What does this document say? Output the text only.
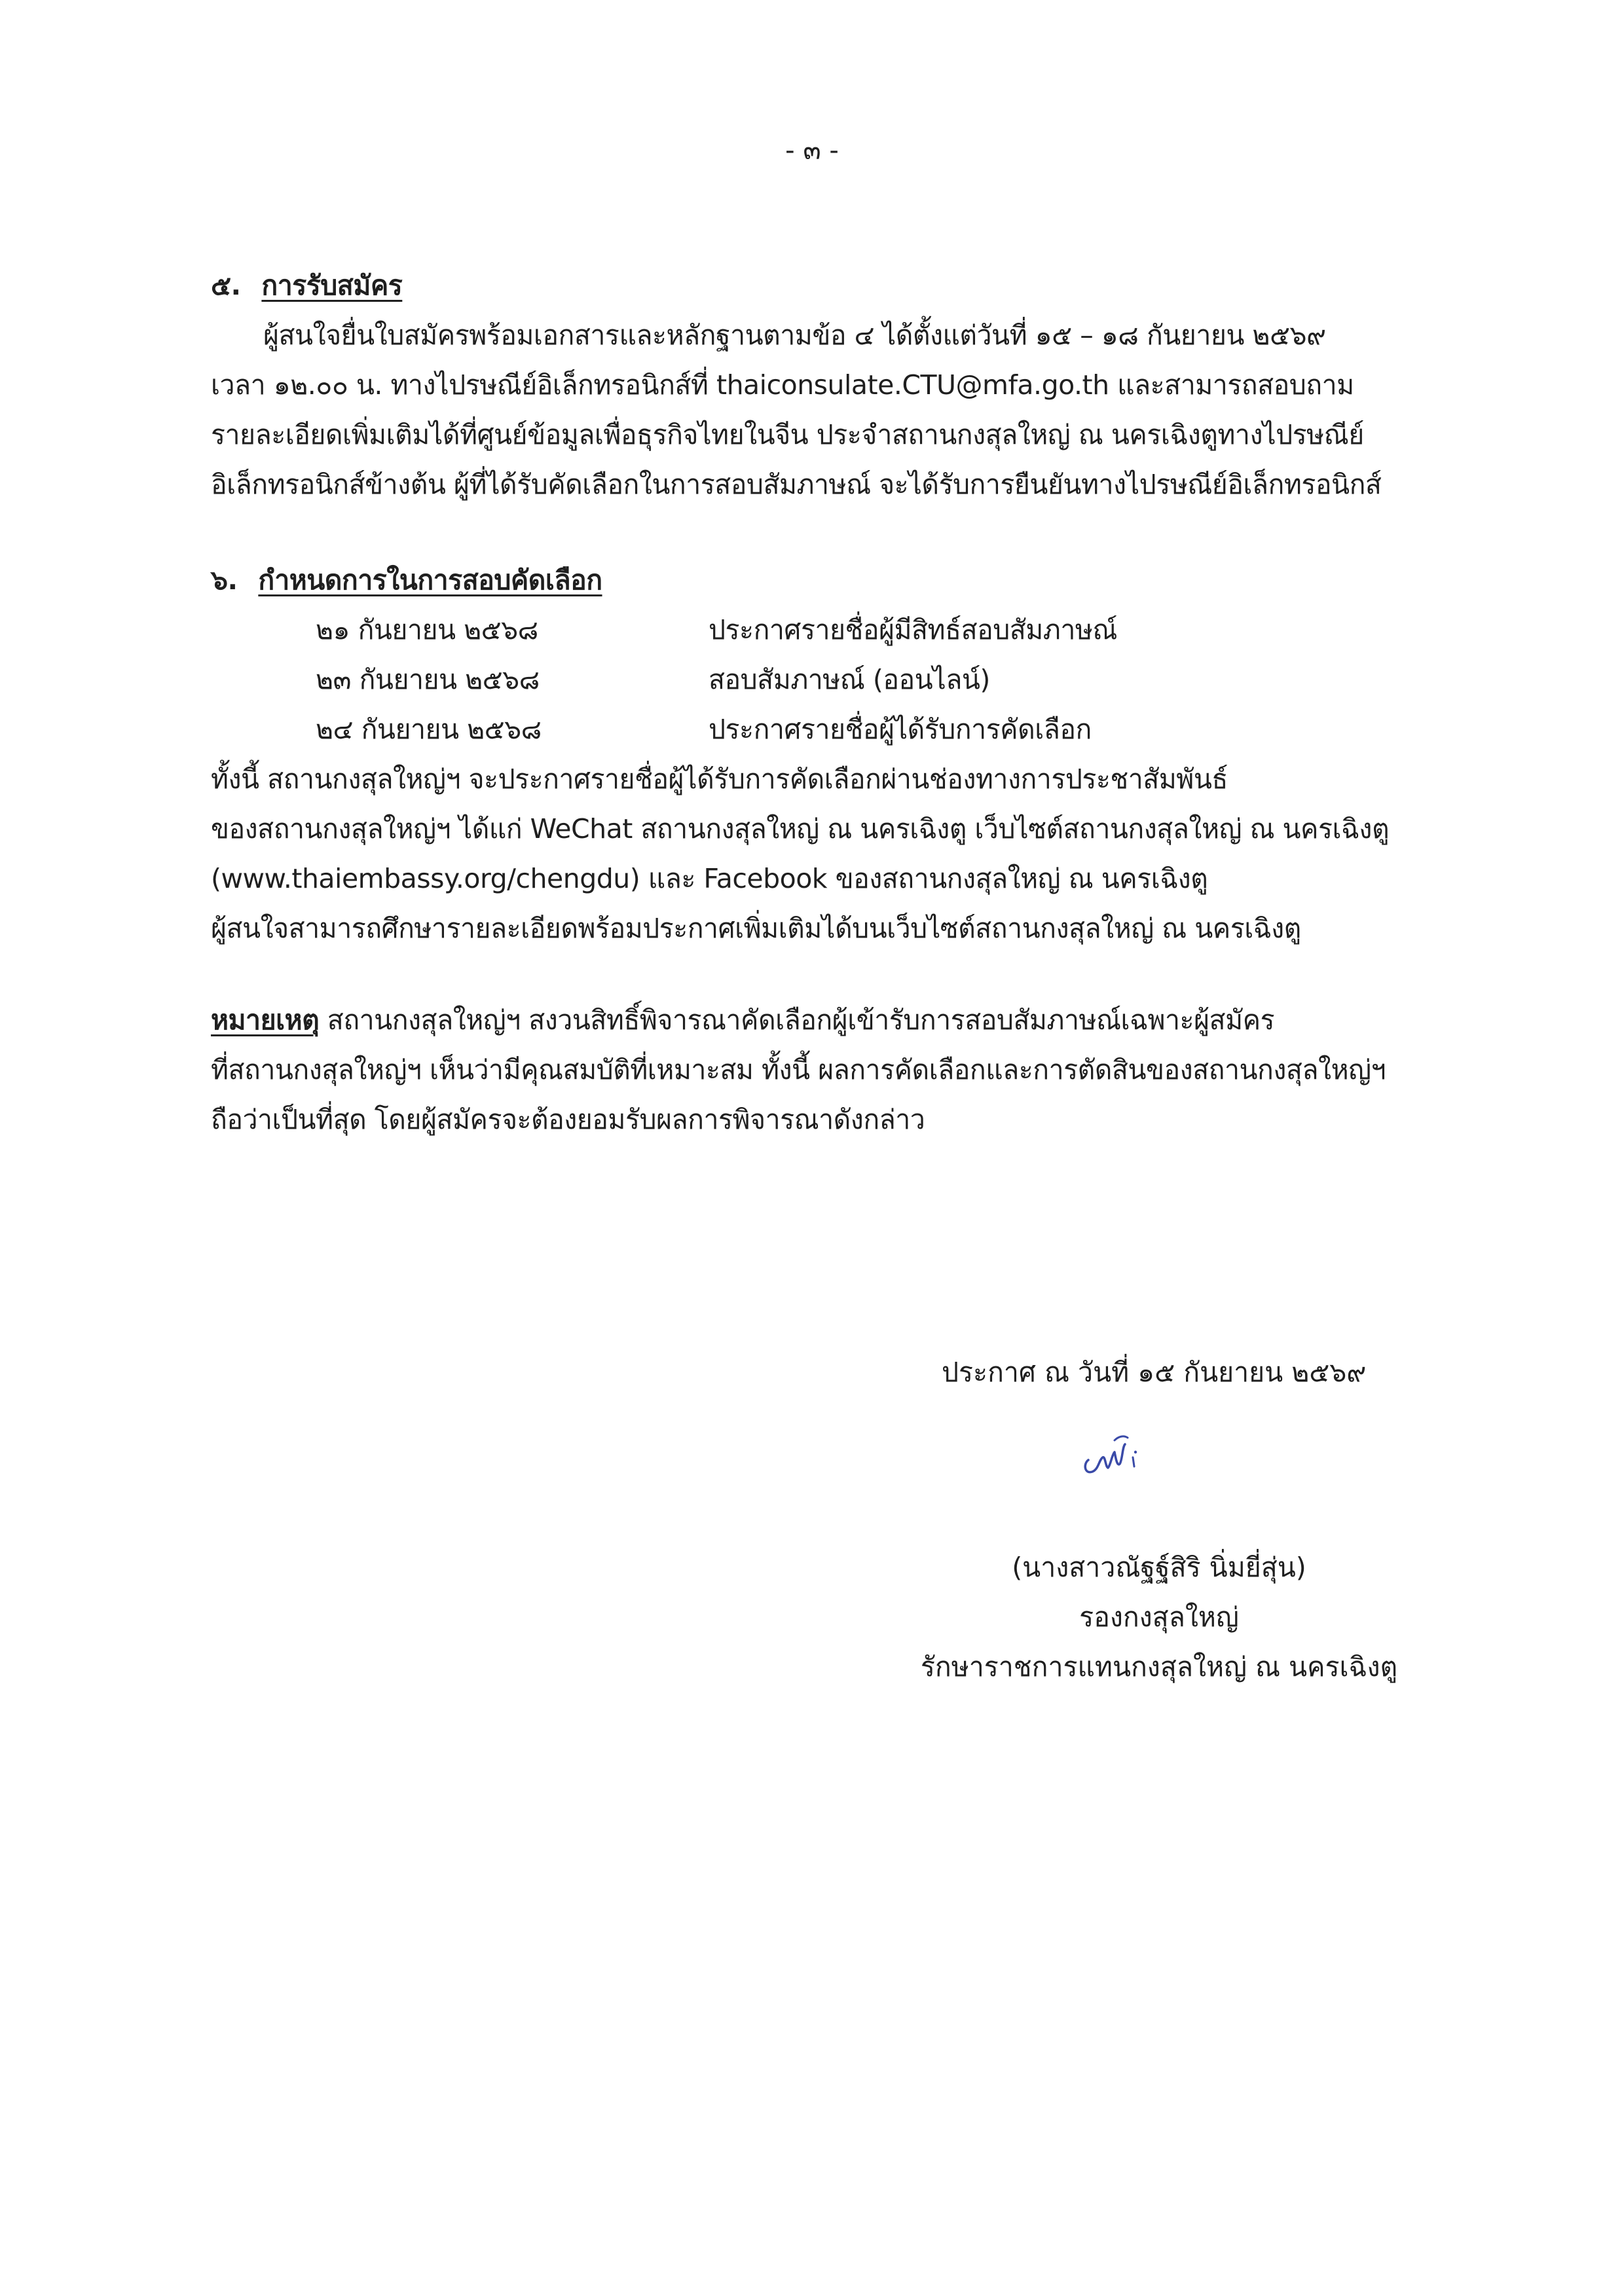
- ๓ -
๕. การรับสมัคร
ผู้สนใจยื่นใบสมัครพร้อมเอกสารและหลักฐานตามข้อ ๔ ได้ตั้งแต่วันที่ ๑๕ – ๑๘ กันยายน ๒๕๖๙
เวลา ๑๒.๐๐ น. ทางไปรษณีย์อิเล็กทรอนิกส์ที่ thaiconsulate.CTU@mfa.go.th และสามารถสอบถาม
รายละเอียดเพิ่มเติมได้ที่ศูนย์ข้อมูลเพื่อธุรกิจไทยในจีน ประจำสถานกงสุลใหญ่ ณ นครเฉิงตูทางไปรษณีย์
อิเล็กทรอนิกส์ข้างต้น ผู้ที่ได้รับคัดเลือกในการสอบสัมภาษณ์ จะได้รับการยืนยันทางไปรษณีย์อิเล็กทรอนิกส์
๖. กำหนดการในการสอบคัดเลือก
๒๑ กันยายน ๒๕๖๘	ประกาศรายชื่อผู้มีสิทธ์สอบสัมภาษณ์
๒๓ กันยายน ๒๕๖๘	สอบสัมภาษณ์ (ออนไลน์)
๒๔ กันยายน ๒๕๖๘	ประกาศรายชื่อผู้ได้รับการคัดเลือก
ทั้งนี้ สถานกงสุลใหญ่ฯ จะประกาศรายชื่อผู้ได้รับการคัดเลือกผ่านช่องทางการประชาสัมพันธ์
ของสถานกงสุลใหญ่ฯ ได้แก่ WeChat สถานกงสุลใหญ่ ณ นครเฉิงตู เว็บไซต์สถานกงสุลใหญ่ ณ นครเฉิงตู
(www.thaiembassy.org/chengdu) และ Facebook ของสถานกงสุลใหญ่ ณ นครเฉิงตู
ผู้สนใจสามารถศึกษารายละเอียดพร้อมประกาศเพิ่มเติมได้บนเว็บไซต์สถานกงสุลใหญ่ ณ นครเฉิงตู
หมายเหตุ สถานกงสุลใหญ่ฯ สงวนสิทธิ์พิจารณาคัดเลือกผู้เข้ารับการสอบสัมภาษณ์เฉพาะผู้สมัคร
ที่สถานกงสุลใหญ่ฯ เห็นว่ามีคุณสมบัติที่เหมาะสม ทั้งนี้ ผลการคัดเลือกและการตัดสินของสถานกงสุลใหญ่ฯ
ถือว่าเป็นที่สุด โดยผู้สมัครจะต้องยอมรับผลการพิจารณาดังกล่าว
ประกาศ ณ วันที่ ๑๕ กันยายน ๒๕๖๙
(นางสาวณัฐฐ์สิริ นิ่มยี่สุ่น)
รองกงสุลใหญ่
รักษาราชการแทนกงสุลใหญ่ ณ นครเฉิงตู
